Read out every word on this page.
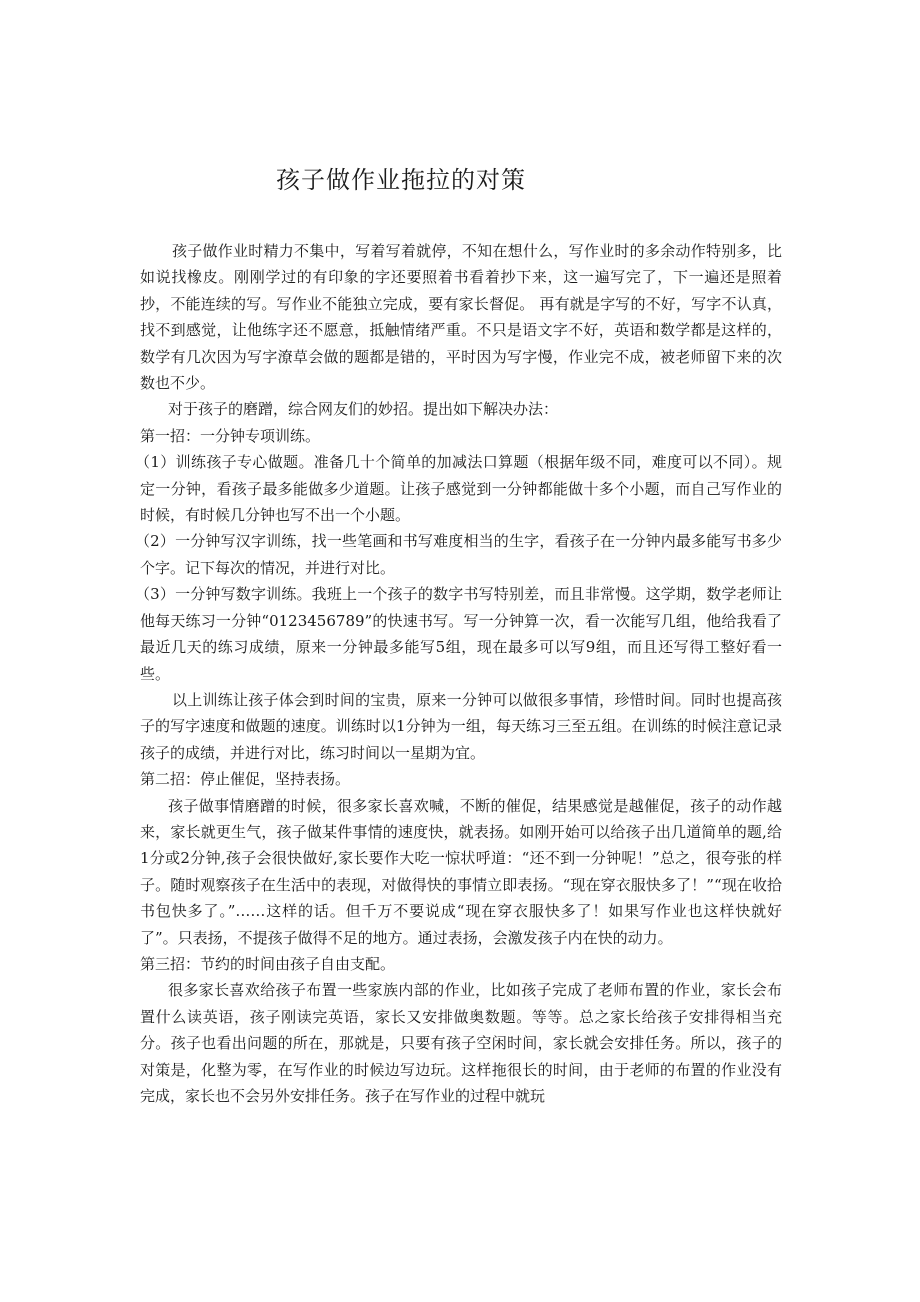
孩子做作业拖拉的对策

孩子做作业时精力不集中，写着写着就停，不知在想什么，写作业时的多余动作特别多，比如说找橡皮。刚刚学过的有印象的字还要照着书看着抄下来，这一遍写完了，下一遍还是照着抄，不能连续的写。写作业不能独立完成，要有家长督促。 再有就是字写的不好，写字不认真，找不到感觉，让他练字还不愿意，抵触情绪严重。不只是语文字不好，英语和数学都是这样的，数学有几次因为写字潦草会做的题都是错的，平时因为写字慢，作业完不成，被老师留下来的次数也不少。

对于孩子的磨蹭，综合网友们的妙招。提出如下解决办法：

第一招：一分钟专项训练。

（1）训练孩子专心做题。准备几十个简单的加减法口算题（根据年级不同，难度可以不同）。规定一分钟，看孩子最多能做多少道题。让孩子感觉到一分钟都能做十多个小题，而自己写作业的时候，有时候几分钟也写不出一个小题。

（2）一分钟写汉字训练，找一些笔画和书写难度相当的生字，看孩子在一分钟内最多能写书多少个字。记下每次的情况，并进行对比。

（3）一分钟写数字训练。我班上一个孩子的数字书写特别差，而且非常慢。这学期，数学老师让他每天练习一分钟“0123456789”的快速书写。写一分钟算一次，看一次能写几组，他给我看了最近几天的练习成绩，原来一分钟最多能写5组，现在最多可以写9组，而且还写得工整好看一些。

以上训练让孩子体会到时间的宝贵，原来一分钟可以做很多事情，珍惜时间。同时也提高孩子的写字速度和做题的速度。训练时以1分钟为一组，每天练习三至五组。在训练的时候注意记录孩子的成绩，并进行对比，练习时间以一星期为宜。

第二招：停止催促，坚持表扬。

孩子做事情磨蹭的时候，很多家长喜欢喊，不断的催促，结果感觉是越催促，孩子的动作越来，家长就更生气，孩子做某件事情的速度快，就表扬。如刚开始可以给孩子出几道简单的题,给1分或2分钟,孩子会很快做好,家长要作大吃一惊状呼道：“还不到一分钟呢！”总之，很夸张的样子。随时观察孩子在生活中的表现，对做得快的事情立即表扬。“现在穿衣服快多了！”“现在收拾书包快多了。”……这样的话。但千万不要说成“现在穿衣服快多了！如果写作业也这样快就好了”。只表扬，不提孩子做得不足的地方。通过表扬，会激发孩子内在快的动力。

第三招：节约的时间由孩子自由支配。

很多家长喜欢给孩子布置一些家族内部的作业，比如孩子完成了老师布置的作业，家长会布置什么读英语，孩子刚读完英语，家长又安排做奥数题。等等。总之家长给孩子安排得相当充分。孩子也看出问题的所在，那就是，只要有孩子空闲时间，家长就会安排任务。所以，孩子的对策是，化整为零，在写作业的时候边写边玩。这样拖很长的时间，由于老师的布置的作业没有完成，家长也不会另外安排任务。孩子在写作业的过程中就玩
